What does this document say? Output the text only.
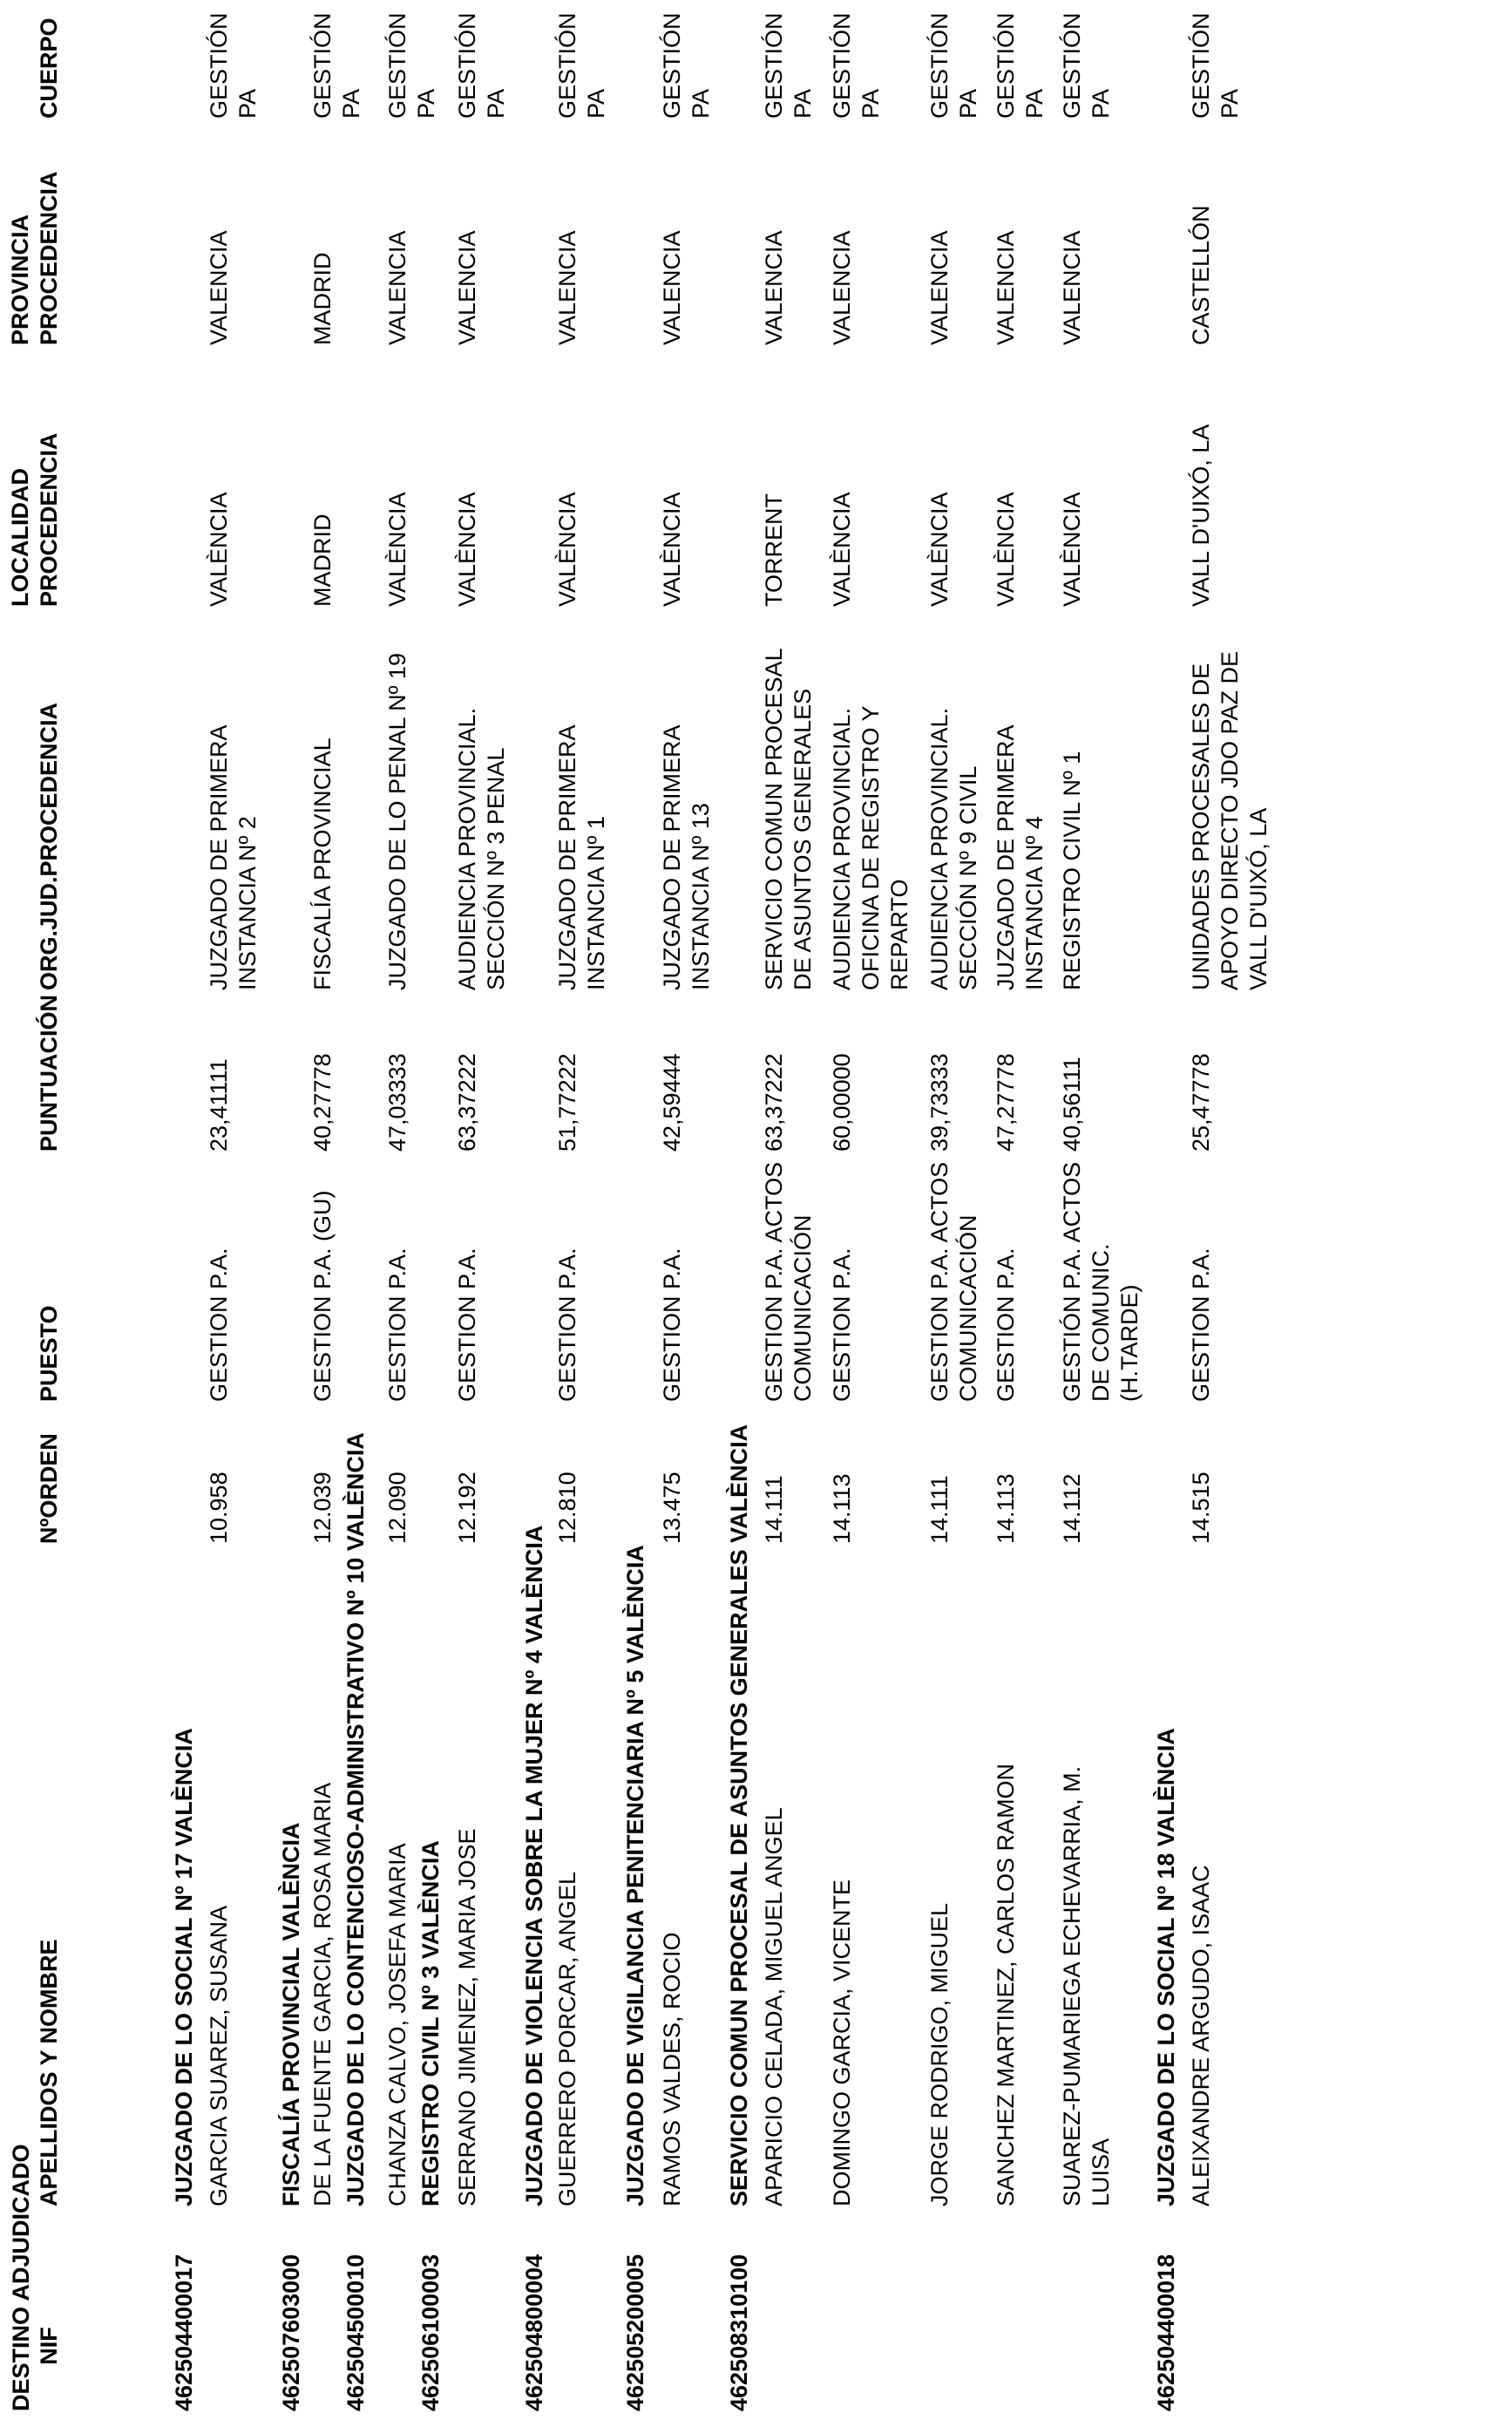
DESTINO ADJUDICADO NIF
APELLIDOS Y NOMBRE
NºORDEN
PUESTO
PUNTUACIÓN
ORG.JUD.PROCEDENCIA
LOCALIDAD
PROCEDENCIA
PROVINCIA
PROCEDENCIA
CUERPO
462504400017
JUZGADO DE LO SOCIAL Nº 17 VALÈNCIA GARCIA SUAREZ, SUSANA
10.958
GESTION P.A.
23,41111
JUZGADO DE PRIMERA
INSTANCIA Nº 2
VALÈNCIA
VALENCIA
GESTIÓN PA
462507603000
FISCALÍA PROVINCIAL VALÈNCIA DE LA FUENTE GARCIA, ROSA MARIA
12.039
GESTION P.A. (GU)
40,27778
FISCALÍA PROVINCIAL
MADRID
MADRID
GESTIÓN PA
462504500010
JUZGADO DE LO CONTENCIOSO-ADMINISTRATIVO Nº 10 VALÈNCIA CHANZA CALVO, JOSEFA MARIA
12.090
GESTION P.A.
47,03333
JUZGADO DE LO PENAL Nº 19
VALÈNCIA
VALENCIA
GESTIÓN PA
462506100003
REGISTRO CIVIL Nº 3 VALÈNCIA SERRANO JIMENEZ, MARIA JOSE
12.192
GESTION P.A.
63,37222
AUDIENCIA PROVINCIAL.
SECCIÓN Nº 3 PENAL
VALÈNCIA
VALENCIA
GESTIÓN PA
462504800004
JUZGADO DE VIOLENCIA SOBRE LA MUJER Nº 4 VALÈNCIA GUERRERO PORCAR, ANGEL
12.810
GESTION P.A.
51,77222
JUZGADO DE PRIMERA
INSTANCIA Nº 1
VALÈNCIA
VALENCIA
GESTIÓN PA
462505200005
JUZGADO DE VIGILANCIA PENITENCIARIA Nº 5 VALÈNCIA RAMOS VALDES, ROCIO
13.475
GESTION P.A.
42,59444
JUZGADO DE PRIMERA
INSTANCIA Nº 13
VALÈNCIA
VALENCIA
GESTIÓN PA
462508310100
SERVICIO COMUN PROCESAL DE ASUNTOS GENERALES VALÈNCIA APARICIO CELADA, MIGUEL ANGEL
14.111
GESTION P.A. ACTOS
COMUNICACIÓN
63,37222
SERVICIO COMUN PROCESAL
DE ASUNTOS GENERALES
TORRENT
VALENCIA
GESTIÓN PA
DOMINGO GARCIA, VICENTE
14.113
GESTION P.A.
60,00000
AUDIENCIA PROVINCIAL.
OFICINA DE REGISTRO Y
REPARTO
VALÈNCIA
VALENCIA
GESTIÓN PA
JORGE RODRIGO, MIGUEL
14.111
GESTION P.A. ACTOS
COMUNICACIÓN
39,73333
AUDIENCIA PROVINCIAL.
SECCIÓN Nº 9 CIVIL
VALÈNCIA
VALENCIA
GESTIÓN PA
SANCHEZ MARTINEZ, CARLOS RAMON
14.113
GESTION P.A.
47,27778
JUZGADO DE PRIMERA
INSTANCIA Nº 4
VALÈNCIA
VALENCIA
GESTIÓN PA
SUAREZ-PUMARIEGA ECHEVARRIA, M.
LUISA
14.112
GESTIÓN P.A. ACTOS
DE COMUNIC.
(H.TARDE)
40,56111
REGISTRO CIVIL Nº 1
VALÈNCIA
VALENCIA
GESTIÓN PA
462504400018
JUZGADO DE LO SOCIAL Nº 18 VALÈNCIA ALEIXANDRE ARGUDO, ISAAC
14.515
GESTION P.A.
25,47778
UNIDADES PROCESALES DE
APOYO DIRECTO JDO PAZ DE
VALL D'UIXÓ, LA
VALL D'UIXÓ, LA
CASTELLÓN
GESTIÓN PA
